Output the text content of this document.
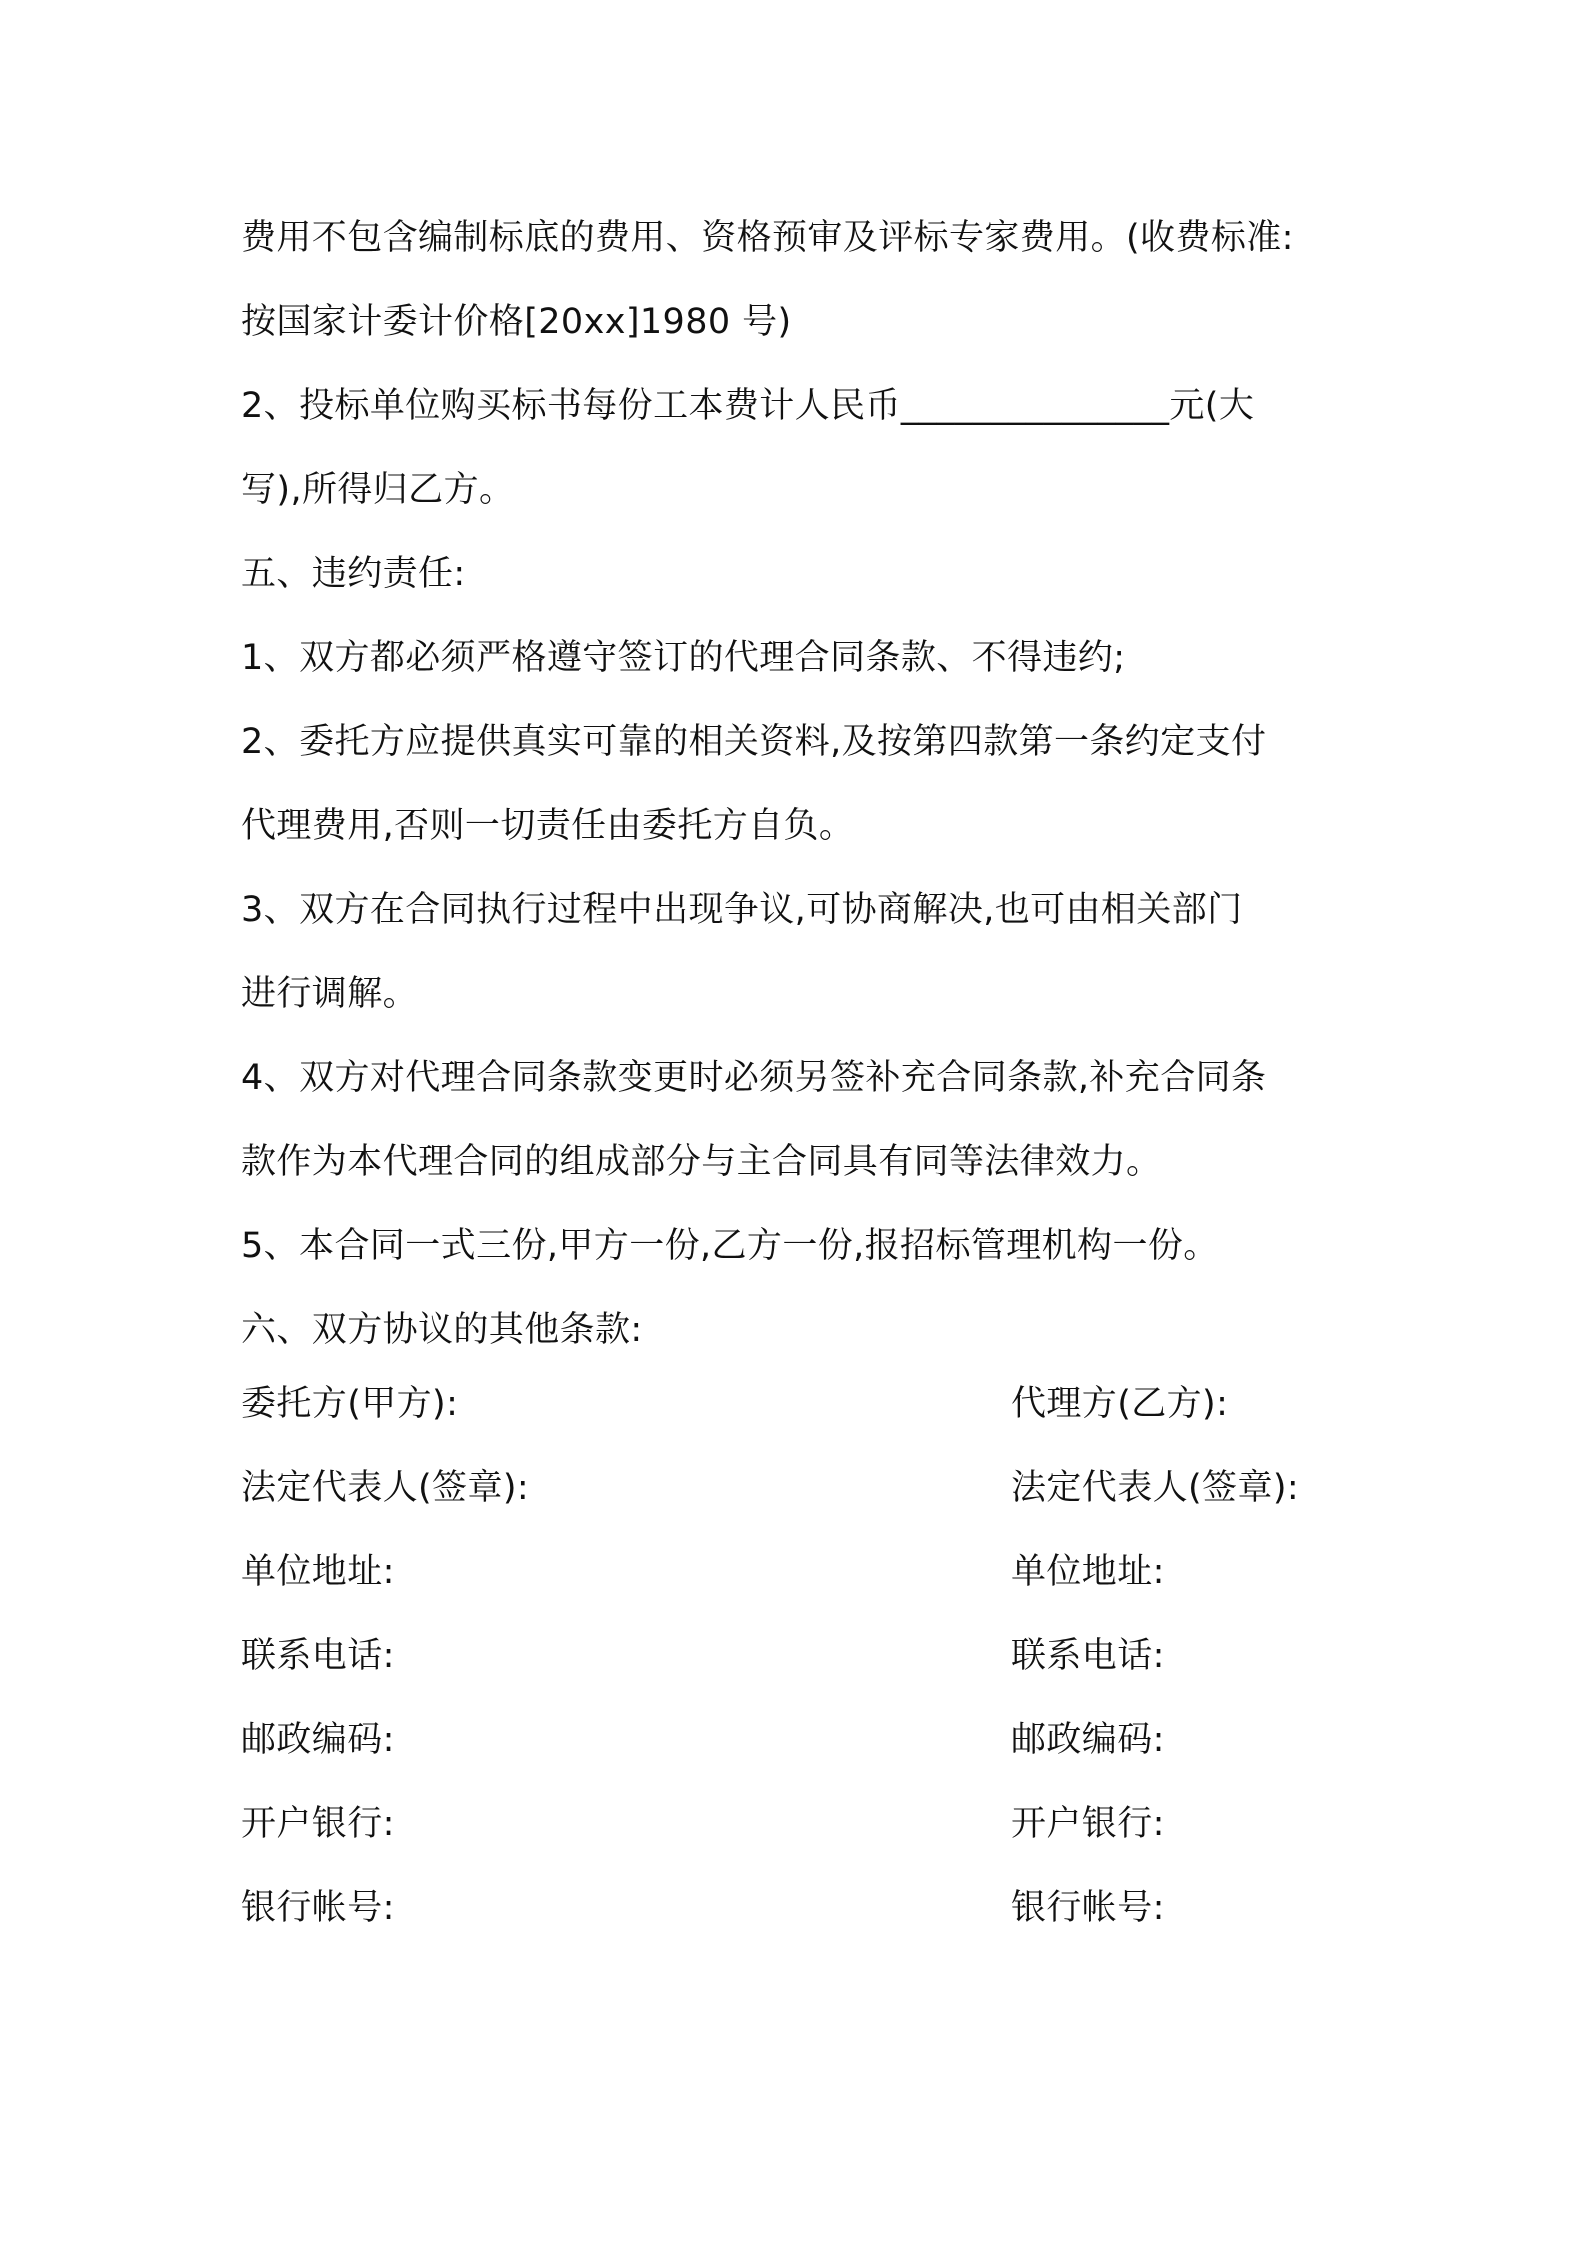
费用不包含编制标底的费用、资格预审及评标专家费用。(收费标准:

按国家计委计价格[20xx]1980 号)

2、投标单位购买标书每份工本费计人民币_______________元(大

写),所得归乙方。

五、违约责任:

1、双方都必须严格遵守签订的代理合同条款、不得违约;

2、委托方应提供真实可靠的相关资料,及按第四款第一条约定支付

代理费用,否则一切责任由委托方自负。

3、双方在合同执行过程中出现争议,可协商解决,也可由相关部门

进行调解。

4、双方对代理合同条款变更时必须另签补充合同条款,补充合同条

款作为本代理合同的组成部分与主合同具有同等法律效力。

5、本合同一式三份,甲方一份,乙方一份,报招标管理机构一份。

六、双方协议的其他条款:

委托方(甲方):	代理方(乙方):
法定代表人(签章):	法定代表人(签章):
单位地址:	单位地址:
联系电话:	联系电话:
邮政编码:	邮政编码:
开户银行:	开户银行:
银行帐号:	银行帐号:
